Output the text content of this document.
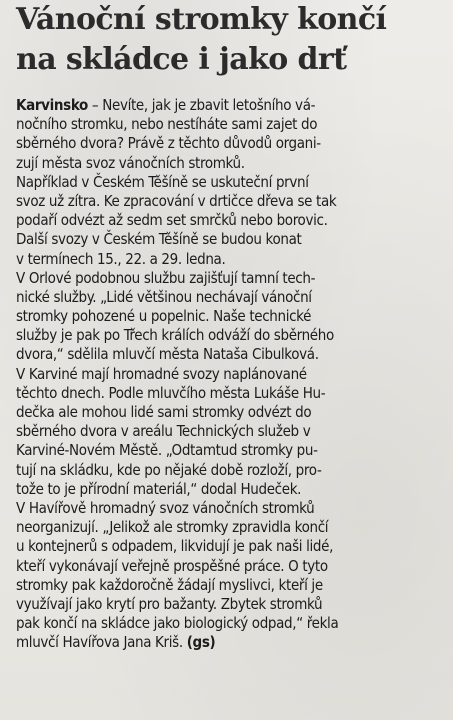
Vánoční stromky končí
na skládce i jako drť
Karvinsko – Nevíte, jak je zbavit letošního vá-
nočního stromku, nebo nestíháte sami zajet do
sběrného dvora? Právě z těchto důvodů organi-
zují města svoz vánočních stromků.
Například v Českém Těšíně se uskuteční první
svoz už zítra. Ke zpracování v drtičce dřeva se tak
podaří odvézt až sedm set smrčků nebo borovic.
Další svozy v Českém Těšíně se budou konat
v termínech 15., 22. a 29. ledna.
V Orlové podobnou službu zajišťují tamní tech-
nické služby. „Lidé většinou nechávají vánoční
stromky pohozené u popelnic. Naše technické
služby je pak po Třech králích odváží do sběrného
dvora,“ sdělila mluvčí města Nataša Cibulková.
V Karviné mají hromadné svozy naplánované
těchto dnech. Podle mluvčího města Lukáše Hu-
dečka ale mohou lidé sami stromky odvézt do
sběrného dvora v areálu Technických služeb v
Karviné-Novém Městě. „Odtamtud stromky pu-
tují na skládku, kde po nějaké době rozloží, pro-
tože to je přírodní materiál,“ dodal Hudeček.
V Havířově hromadný svoz vánočních stromků
neorganizují. „Jelikož ale stromky zpravidla končí
u kontejnerů s odpadem, likvidují je pak naši lidé,
kteří vykonávají veřejně prospěšné práce. O tyto
stromky pak každoročně žádají myslivci, kteří je
využívají jako krytí pro bažanty. Zbytek stromků
pak končí na skládce jako biologický odpad,“ řekla
mluvčí Havířova Jana Kriš. (gs)
